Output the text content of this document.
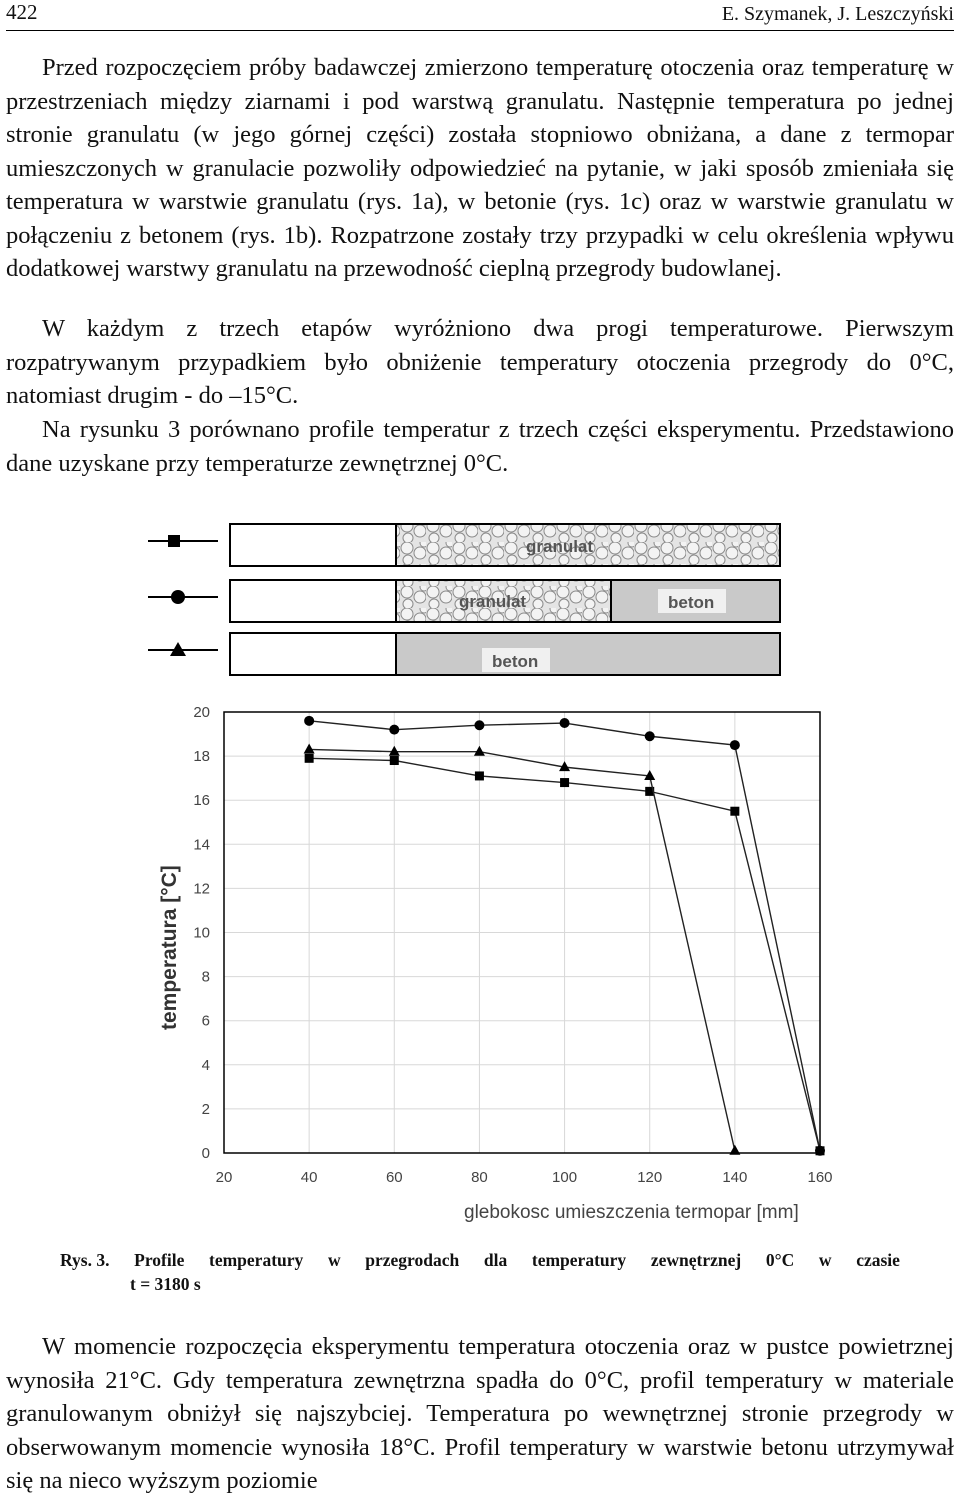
422	E. Szymanek, J. Leszczyński

Przed rozpoczęciem próby badawczej zmierzono temperaturę otoczenia oraz temperaturę w przestrzeniach między ziarnami i pod warstwą granulatu. Następnie temperatura po jednej stronie granulatu (w jego górnej części) została stopniowo obniżana, a dane z termopar umieszczonych w granulacie pozwoliły odpowiedzieć na pytanie, w jaki sposób zmieniała się temperatura w warstwie granulatu (rys. 1a), w betonie (rys. 1c) oraz w warstwie granulatu w połączeniu z betonem (rys. 1b). Rozpatrzone zostały trzy przypadki w celu określenia wpływu dodatkowej warstwy granulatu na przewodność cieplną przegrody budowlanej.

W każdym z trzech etapów wyróżniono dwa progi temperaturowe. Pierwszym rozpatrywanym przypadkiem było obniżenie temperatury otoczenia przegrody do 0°C, natomiast drugim - do –15°C.

Na rysunku 3 porównano profile temperatur z trzech części eksperymentu. Przedstawiono dane uzyskane przy temperaturze zewnętrznej 0°C.

granulat
granulat	beton
beton
20	40	60	80	100	120	140	160
0
2
4
6
8
10
12
14
16
18
20
glebokosc umieszczenia termopar [mm]
temperatura [°C]
Rys. 3. Profile temperatury w przegrodach dla temperatury zewnętrznej 0°C w czasie
t = 3180 s

W momencie rozpoczęcia eksperymentu temperatura otoczenia oraz w pustce powietrznej wynosiła 21°C. Gdy temperatura zewnętrzna spadła do 0°C, profil temperatury w materiale granulowanym obniżył się najszybciej. Temperatura po wewnętrznej stronie przegrody w obserwowanym momencie wynosiła 18°C. Profil temperatury w warstwie betonu utrzymywał się na nieco wyższym poziomie
